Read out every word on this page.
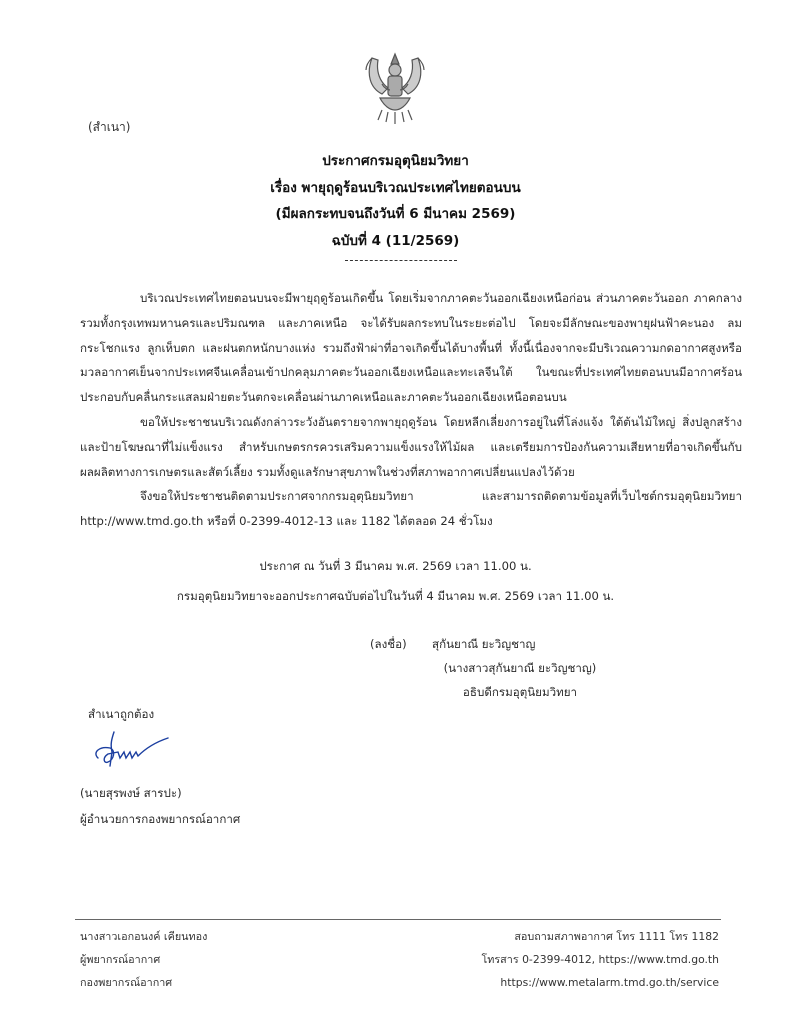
(สำเนา)
ประกาศกรมอุตุนิยมวิทยา
เรื่อง พายุฤดูร้อนบริเวณประเทศไทยตอนบน
(มีผลกระทบจนถึงวันที่ 6 มีนาคม 2569)
ฉบับที่ 4 (11/2569)

บริเวณประเทศไทยตอนบนจะมีพายุฤดูร้อนเกิดขึ้น โดยเริ่มจากภาคตะวันออกเฉียงเหนือก่อน ส่วนภาคตะวันออก ภาคกลาง รวมทั้งกรุงเทพมหานครและปริมณฑล และภาคเหนือ จะได้รับผลกระทบในระยะต่อไป โดยจะมีลักษณะของพายุฝนฟ้าคะนอง ลมกระโชกแรง ลูกเห็บตก และฝนตกหนักบางแห่ง รวมถึงฟ้าผ่าที่อาจเกิดขึ้นได้บางพื้นที่ ทั้งนี้เนื่องจากจะมีบริเวณความกดอากาศสูงหรือมวลอากาศเย็นจากประเทศจีนเคลื่อนเข้าปกคลุมภาคตะวันออกเฉียงเหนือและทะเลจีนใต้ ในขณะที่ประเทศไทยตอนบนมีอากาศร้อน ประกอบกับคลื่นกระแสลมฝ่ายตะวันตกจะเคลื่อนผ่านภาคเหนือและภาคตะวันออกเฉียงเหนือตอนบน

ขอให้ประชาชนบริเวณดังกล่าวระวังอันตรายจากพายุฤดูร้อน โดยหลีกเลี่ยงการอยู่ในที่โล่งแจ้ง ใต้ต้นไม้ใหญ่ สิ่งปลูกสร้างและป้ายโฆษณาที่ไม่แข็งแรง สำหรับเกษตรกรควรเสริมความแข็งแรงให้ไม้ผล และเตรียมการป้องกันความเสียหายที่อาจเกิดขึ้นกับผลผลิตทางการเกษตรและสัตว์เลี้ยง รวมทั้งดูแลรักษาสุขภาพในช่วงที่สภาพอากาศเปลี่ยนแปลงไว้ด้วย

จึงขอให้ประชาชนติดตามประกาศจากกรมอุตุนิยมวิทยา และสามารถติดตามข้อมูลที่เว็บไซต์กรมอุตุนิยมวิทยา http://www.tmd.go.th หรือที่ 0-2399-4012-13 และ 1182 ได้ตลอด 24 ชั่วโมง

ประกาศ ณ วันที่ 3 มีนาคม พ.ศ. 2569 เวลา 11.00 น.
กรมอุตุนิยมวิทยาจะออกประกาศฉบับต่อไปในวันที่ 4 มีนาคม พ.ศ. 2569 เวลา 11.00 น.
(ลงชื่อ)	สุกันยาณี ยะวิญชาญ
(นางสาวสุกันยาณี ยะวิญชาญ)
อธิบดีกรมอุตุนิยมวิทยา
สำเนาถูกต้อง
(นายสุรพงษ์ สารปะ)
ผู้อำนวยการกองพยากรณ์อากาศ
นางสาวเอกอนงค์ เคียนทอง
ผู้พยากรณ์อากาศ
กองพยากรณ์อากาศ
สอบถามสภาพอากาศ โทร 1111 โทร 1182
โทรสาร 0-2399-4012, https://www.tmd.go.th
https://www.metalarm.tmd.go.th/service
